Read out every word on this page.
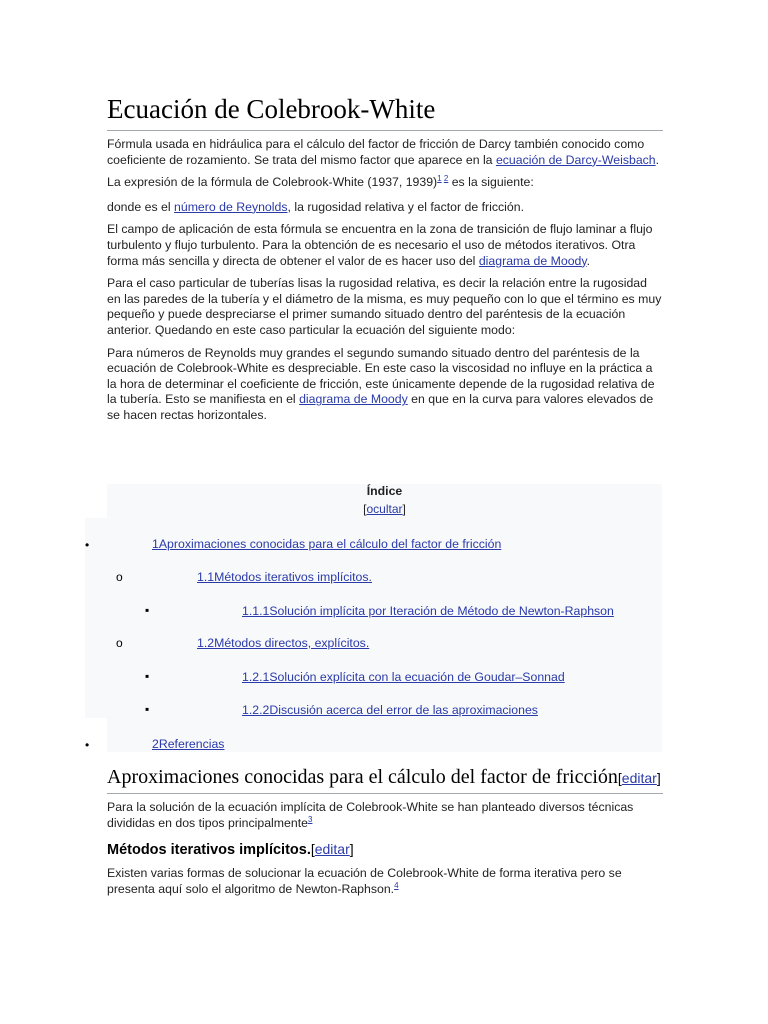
Ecuación de Colebrook-White

Fórmula usada en hidráulica para el cálculo del factor de fricción de Darcy también conocido como coeficiente de rozamiento. Se trata del mismo factor que aparece en la ecuación de Darcy-Weisbach.

La expresión de la fórmula de Colebrook-White (1937, 1939)$^{1 2}$ es la siguiente:

donde es el número de Reynolds, la rugosidad relativa y el factor de fricción.

El campo de aplicación de esta fórmula se encuentra en la zona de transición de flujo laminar a flujo turbulento y flujo turbulento. Para la obtención de es necesario el uso de métodos iterativos. Otra forma más sencilla y directa de obtener el valor de es hacer uso del diagrama de Moody.

Para el caso particular de tuberías lisas la rugosidad relativa, es decir la relación entre la rugosidad en las paredes de la tubería y el diámetro de la misma, es muy pequeño con lo que el término es muy pequeño y puede despreciarse el primer sumando situado dentro del paréntesis de la ecuación anterior. Quedando en este caso particular la ecuación del siguiente modo:

Para números de Reynolds muy grandes el segundo sumando situado dentro del paréntesis de la ecuación de Colebrook-White es despreciable. En este caso la viscosidad no influye en la práctica a la hora de determinar el coeficiente de fricción, este únicamente depende de la rugosidad relativa de la tubería. Esto se manifiesta en el diagrama de Moody en que en la curva para valores elevados de se hacen rectas horizontales.

Índice
[ocultar]
•	1Aproximaciones conocidas para el cálculo del factor de fricción
o	1.1Métodos iterativos implícitos.
▪	1.1.1Solución implícita por Iteración de Método de Newton-Raphson
o	1.2Métodos directos, explícitos.
▪	1.2.1Solución explícita con la ecuación de Goudar–Sonnad
▪	1.2.2Discusión acerca del error de las aproximaciones
•	2Referencias
Aproximaciones conocidas para el cálculo del factor de fricción[editar]

Para la solución de la ecuación implícita de Colebrook-White se han planteado diversos técnicas divididas en dos tipos principalmente$^3$

Métodos iterativos implícitos.[editar]

Existen varias formas de solucionar la ecuación de Colebrook-White de forma iterativa pero se presenta aquí solo el algoritmo de Newton-Raphson.$^4$
